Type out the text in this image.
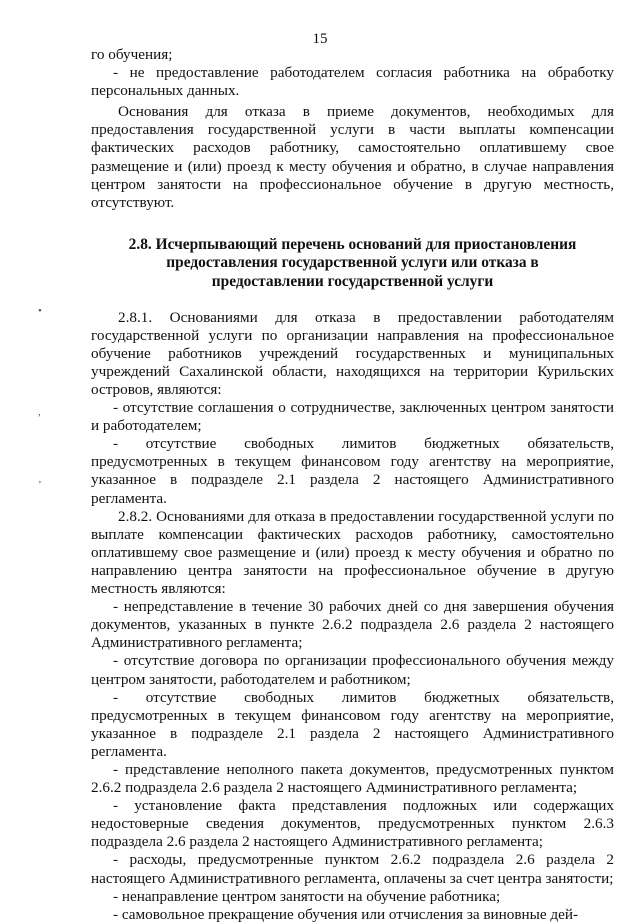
15
•
,
ʼ

го обучения;

- не предоставление работодателем согласия работника на обработку персональных данных.

Основания для отказа в приеме документов, необходимых для предоставления государственной услуги в части выплаты компенсации фактических расходов работнику, самостоятельно оплатившему свое размещение и (или) проезд к месту обучения и обратно, в случае направления центром занятости на профессиональное обучение в другую местность, отсутствуют.

2.8. Исчерпывающий перечень оснований для приостановления предоставления государственной услуги или отказа в предоставлении государственной услуги

2.8.1. Основаниями для отказа в предоставлении работодателям государственной услуги по организации направления на профессиональное обучение работников учреждений государственных и муниципальных учреждений Сахалинской области, находящихся на территории Курильских островов, являются:

- отсутствие соглашения о сотрудничестве, заключенных центром занятости и работодателем;

- отсутствие свободных лимитов бюджетных обязательств, предусмотренных в текущем финансовом году агентству на мероприятие, указанное в подразделе 2.1 раздела 2 настоящего Административного регламента.

2.8.2. Основаниями для отказа в предоставлении государственной услуги по выплате компенсации фактических расходов работнику, самостоятельно оплатившему свое размещение и (или) проезд к месту обучения и обратно по направлению центра занятости на профессиональное обучение в другую местность являются:

- непредставление в течение 30 рабочих дней со дня завершения обучения документов, указанных в пункте 2.6.2 подраздела 2.6 раздела 2 настоящего Административного регламента;

- отсутствие договора по организации профессионального обучения между центром занятости, работодателем и работником;

- отсутствие свободных лимитов бюджетных обязательств, предусмотренных в текущем финансовом году агентству на мероприятие, указанное в подразделе 2.1 раздела 2 настоящего Административного регламента.

- представление неполного пакета документов, предусмотренных пунктом 2.6.2 подраздела 2.6 раздела 2 настоящего Административного регламента;

- установление факта представления подложных или содержащих недостоверные сведения документов, предусмотренных пунктом 2.6.3 подраздела 2.6 раздела 2 настоящего Административного регламента;

- расходы, предусмотренные пунктом 2.6.2 подраздела 2.6 раздела 2 настоящего Административного регламента, оплачены за счет центра занятости;

- ненаправление центром занятости на обучение работника;

- самовольное прекращение обучения или отчисления за виновные дей-
